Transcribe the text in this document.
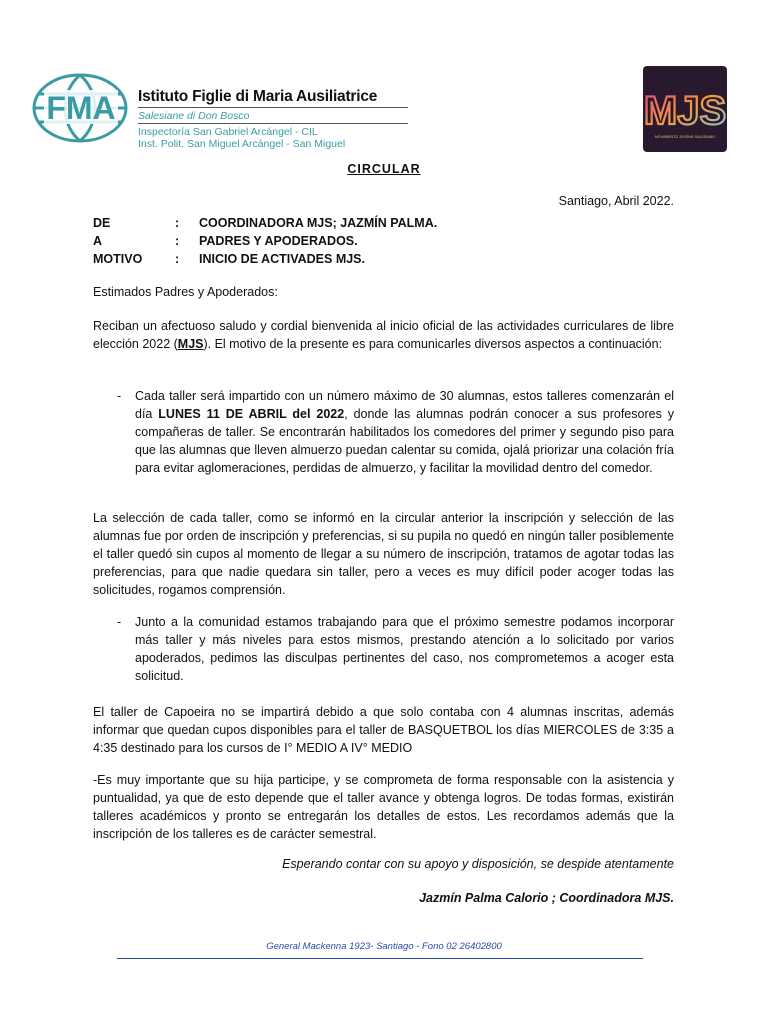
FMA Istituto Figlie di Maria Ausiliatrice
Salesiane di Don Bosco
Inspectoría San Gabriel Arcángel - CIL
Inst. Polit. San Miguel Arcángel - San Miguel
MJS
MOVIMIENTO JUVENIL SALESIANO
CIRCULAR
Santiago, Abril 2022.
DE	:	COORDINADORA MJS; JAZMÍN PALMA.
A	:	PADRES Y APODERADOS.
MOTIVO	:	INICIO DE ACTIVADES MJS.
Estimados Padres y Apoderados:
Reciban un afectuoso saludo y cordial bienvenida al inicio oficial de las actividades curriculares de libre elección 2022 (MJS). El motivo de la presente es para comunicarles diversos aspectos a continuación:
- Cada taller será impartido con un número máximo de 30 alumnas, estos talleres comenzarán el día LUNES 11 DE ABRIL del 2022, donde las alumnas podrán conocer a sus profesores y compañeras de taller. Se encontrarán habilitados los comedores del primer y segundo piso para que las alumnas que lleven almuerzo puedan calentar su comida, ojalá priorizar una colación fría para evitar aglomeraciones, perdidas de almuerzo, y facilitar la movilidad dentro del comedor.
La selección de cada taller, como se informó en la circular anterior la inscripción y selección de las alumnas fue por orden de inscripción y preferencias, si su pupila no quedó en ningún taller posiblemente el taller quedó sin cupos al momento de llegar a su número de inscripción, tratamos de agotar todas las preferencias, para que nadie quedara sin taller, pero a veces es muy difícil poder acoger todas las solicitudes, rogamos comprensión.
- Junto a la comunidad estamos trabajando para que el próximo semestre podamos incorporar más taller y más niveles para estos mismos, prestando atención a lo solicitado por varios apoderados, pedimos las disculpas pertinentes del caso, nos comprometemos a acoger esta solicitud.
El taller de Capoeira no se impartirá debido a que solo contaba con 4 alumnas inscritas, además informar que quedan cupos disponibles para el taller de BASQUETBOL los días MIERCOLES de 3:35 a 4:35 destinado para los cursos de I° MEDIO A IV° MEDIO
-Es muy importante que su hija participe, y se comprometa de forma responsable con la asistencia y puntualidad, ya que de esto depende que el taller avance y obtenga logros. De todas formas, existirán talleres académicos y pronto se entregarán los detalles de estos. Les recordamos además que la inscripción de los talleres es de carácter semestral.
Esperando contar con su apoyo y disposición, se despide atentamente
Jazmín Palma Calorio ; Coordinadora MJS.
General Mackenna 1923- Santiago - Fono 02 26402800
